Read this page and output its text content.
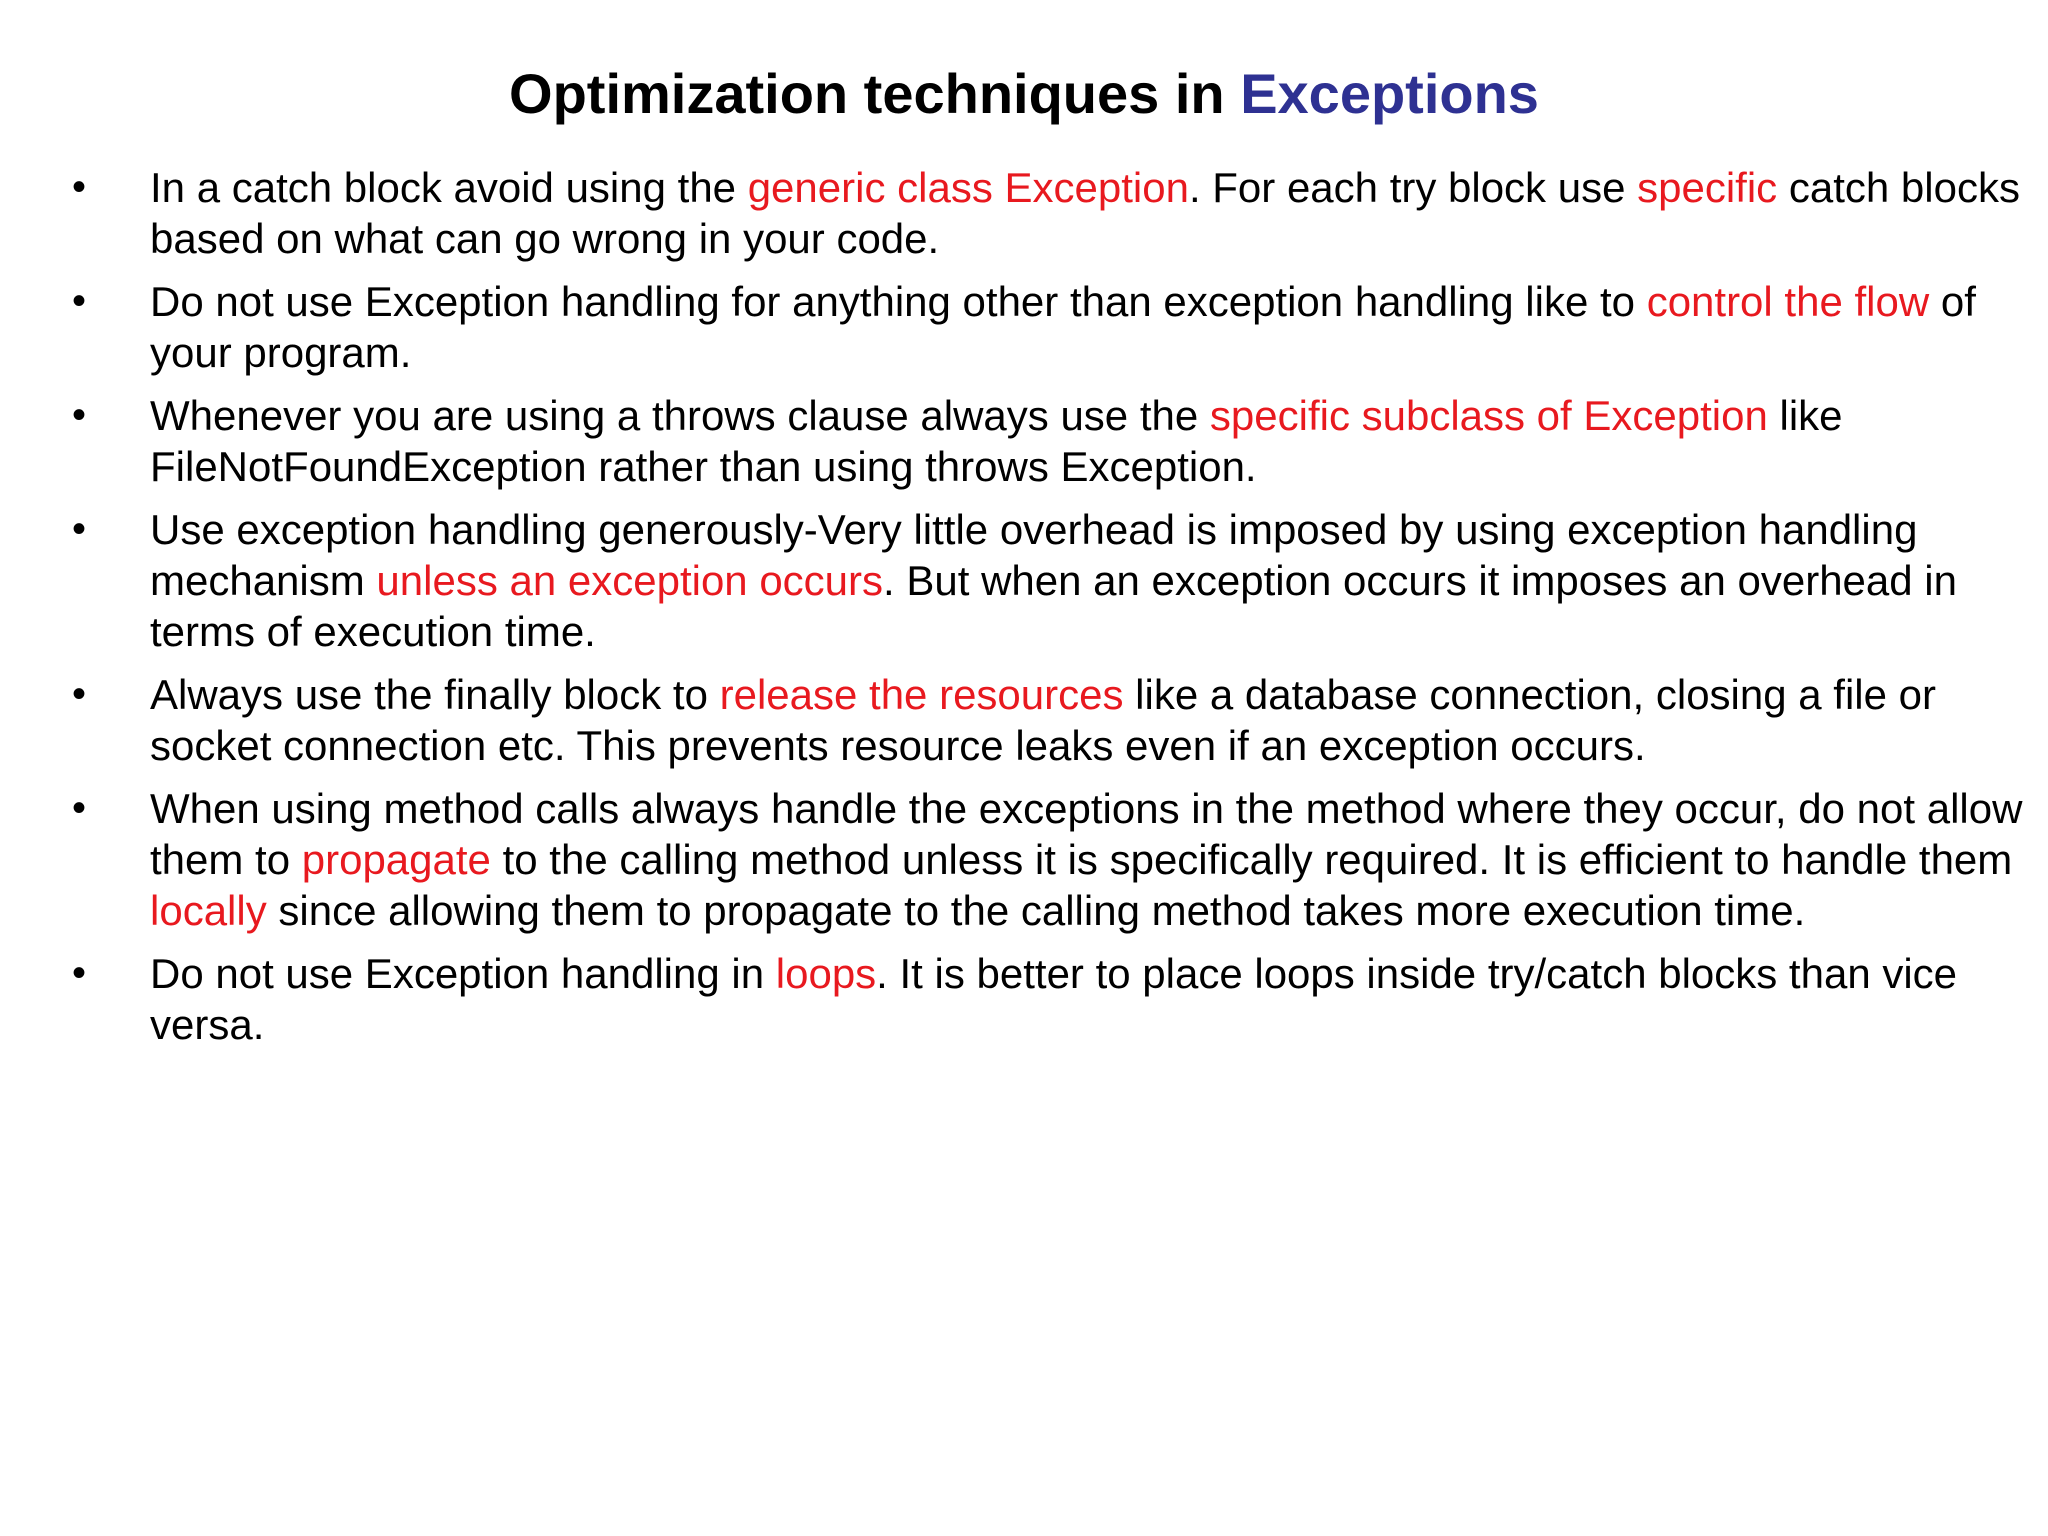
Optimization techniques in Exceptions
•	In a catch block avoid using the generic class Exception. For each try block use specific catch blocks based on what can go wrong in your code.
•	Do not use Exception handling for anything other than exception handling like to control the flow of your program.
•	Whenever you are using a throws clause always use the specific subclass of Exception like FileNotFoundException rather than using throws Exception.
•	Use exception handling generously-Very little overhead is imposed by using exception handling mechanism unless an exception occurs. But when an exception occurs it imposes an overhead in terms of execution time.
•	Always use the finally block to release the resources like a database connection, closing a file or socket connection etc. This prevents resource leaks even if an exception occurs.
•	When using method calls always handle the exceptions in the method where they occur, do not allow them to propagate to the calling method unless it is specifically required. It is efficient to handle them locally since allowing them to propagate to the calling method takes more execution time.
•	Do not use Exception handling in loops. It is better to place loops inside try/catch blocks than vice versa.
